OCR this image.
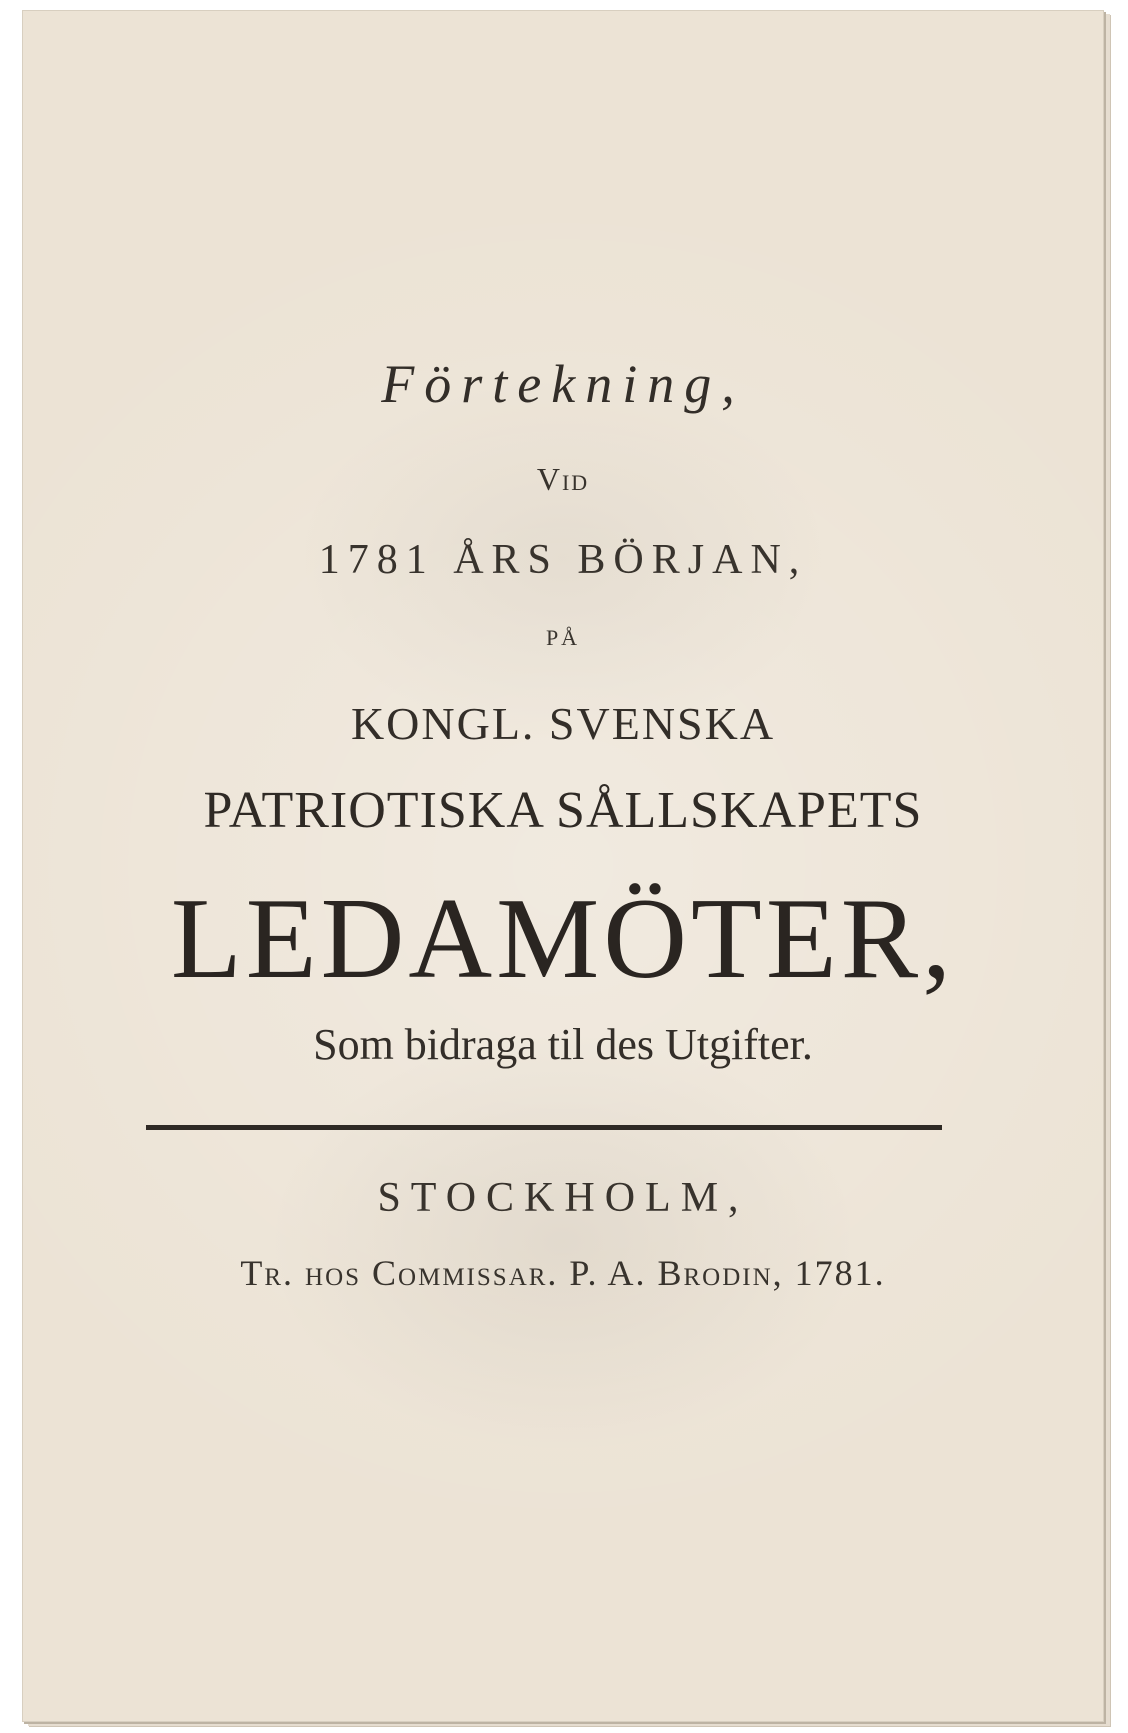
Förtekning,
Vid
1781 ÅRS BÖRJAN,
PÅ
KONGL. SVENSKA
PATRIOTISKA SÅLLSKAPETS
LEDAMÖTER,
Som bidraga til des Utgifter.
STOCKHOLM,
Tr. hos Commissar. P. A. Brodin, 1781.
